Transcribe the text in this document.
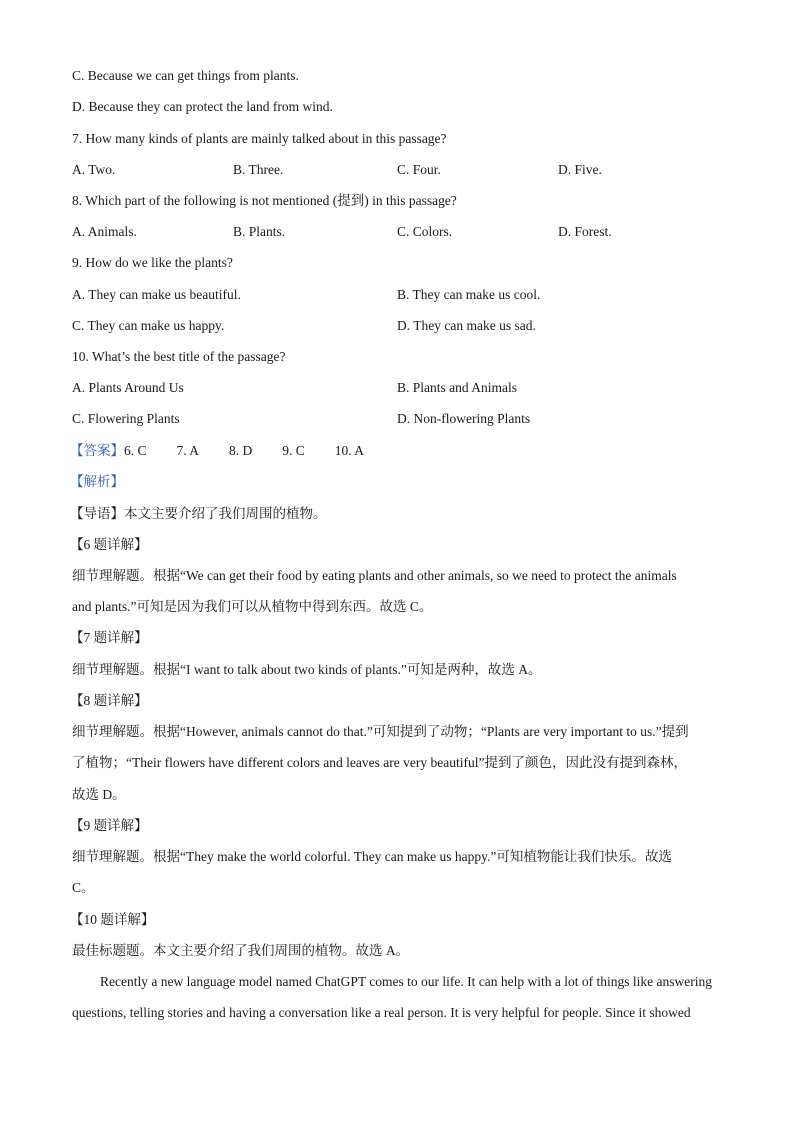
C. Because we can get things from plants.
D. Because they can protect the land from wind.
7. How many kinds of plants are mainly talked about in this passage?
A. Two.	B. Three.	C. Four.	D. Five.
8. Which part of the following is not mentioned (提到) in this passage?
A. Animals.	B. Plants.	C. Colors.	D. Forest.
9. How do we like the plants?
A. They can make us beautiful.	B. They can make us cool.
C. They can make us happy.	D. They can make us sad.
10. What’s the best title of the passage?
A. Plants Around Us	B. Plants and Animals
C. Flowering Plants	D. Non-flowering Plants
【答案】6. C 7. A 8. D 9. C 10. A
【解析】
【导语】本文主要介绍了我们周围的植物。
【6 题详解】
细节理解题。根据“We can get their food by eating plants and other animals, so we need to protect the animals
and plants.”可知是因为我们可以从植物中得到东西。故选 C。
【7 题详解】
细节理解题。根据“I want to talk about two kinds of plants.”可知是两种，故选 A。
【8 题详解】
细节理解题。根据“However, animals cannot do that.”可知提到了动物；“Plants are very important to us.”提到
了植物；“Their flowers have different colors and leaves are very beautiful”提到了颜色，因此没有提到森林，
故选 D。
【9 题详解】
细节理解题。根据“They make the world colorful. They can make us happy.”可知植物能让我们快乐。故选
C。
【10 题详解】
最佳标题题。本文主要介绍了我们周围的植物。故选 A。
Recently a new language model named ChatGPT comes to our life. It can help with a lot of things like answering
questions, telling stories and having a conversation like a real person. It is very helpful for people. Since it showed
